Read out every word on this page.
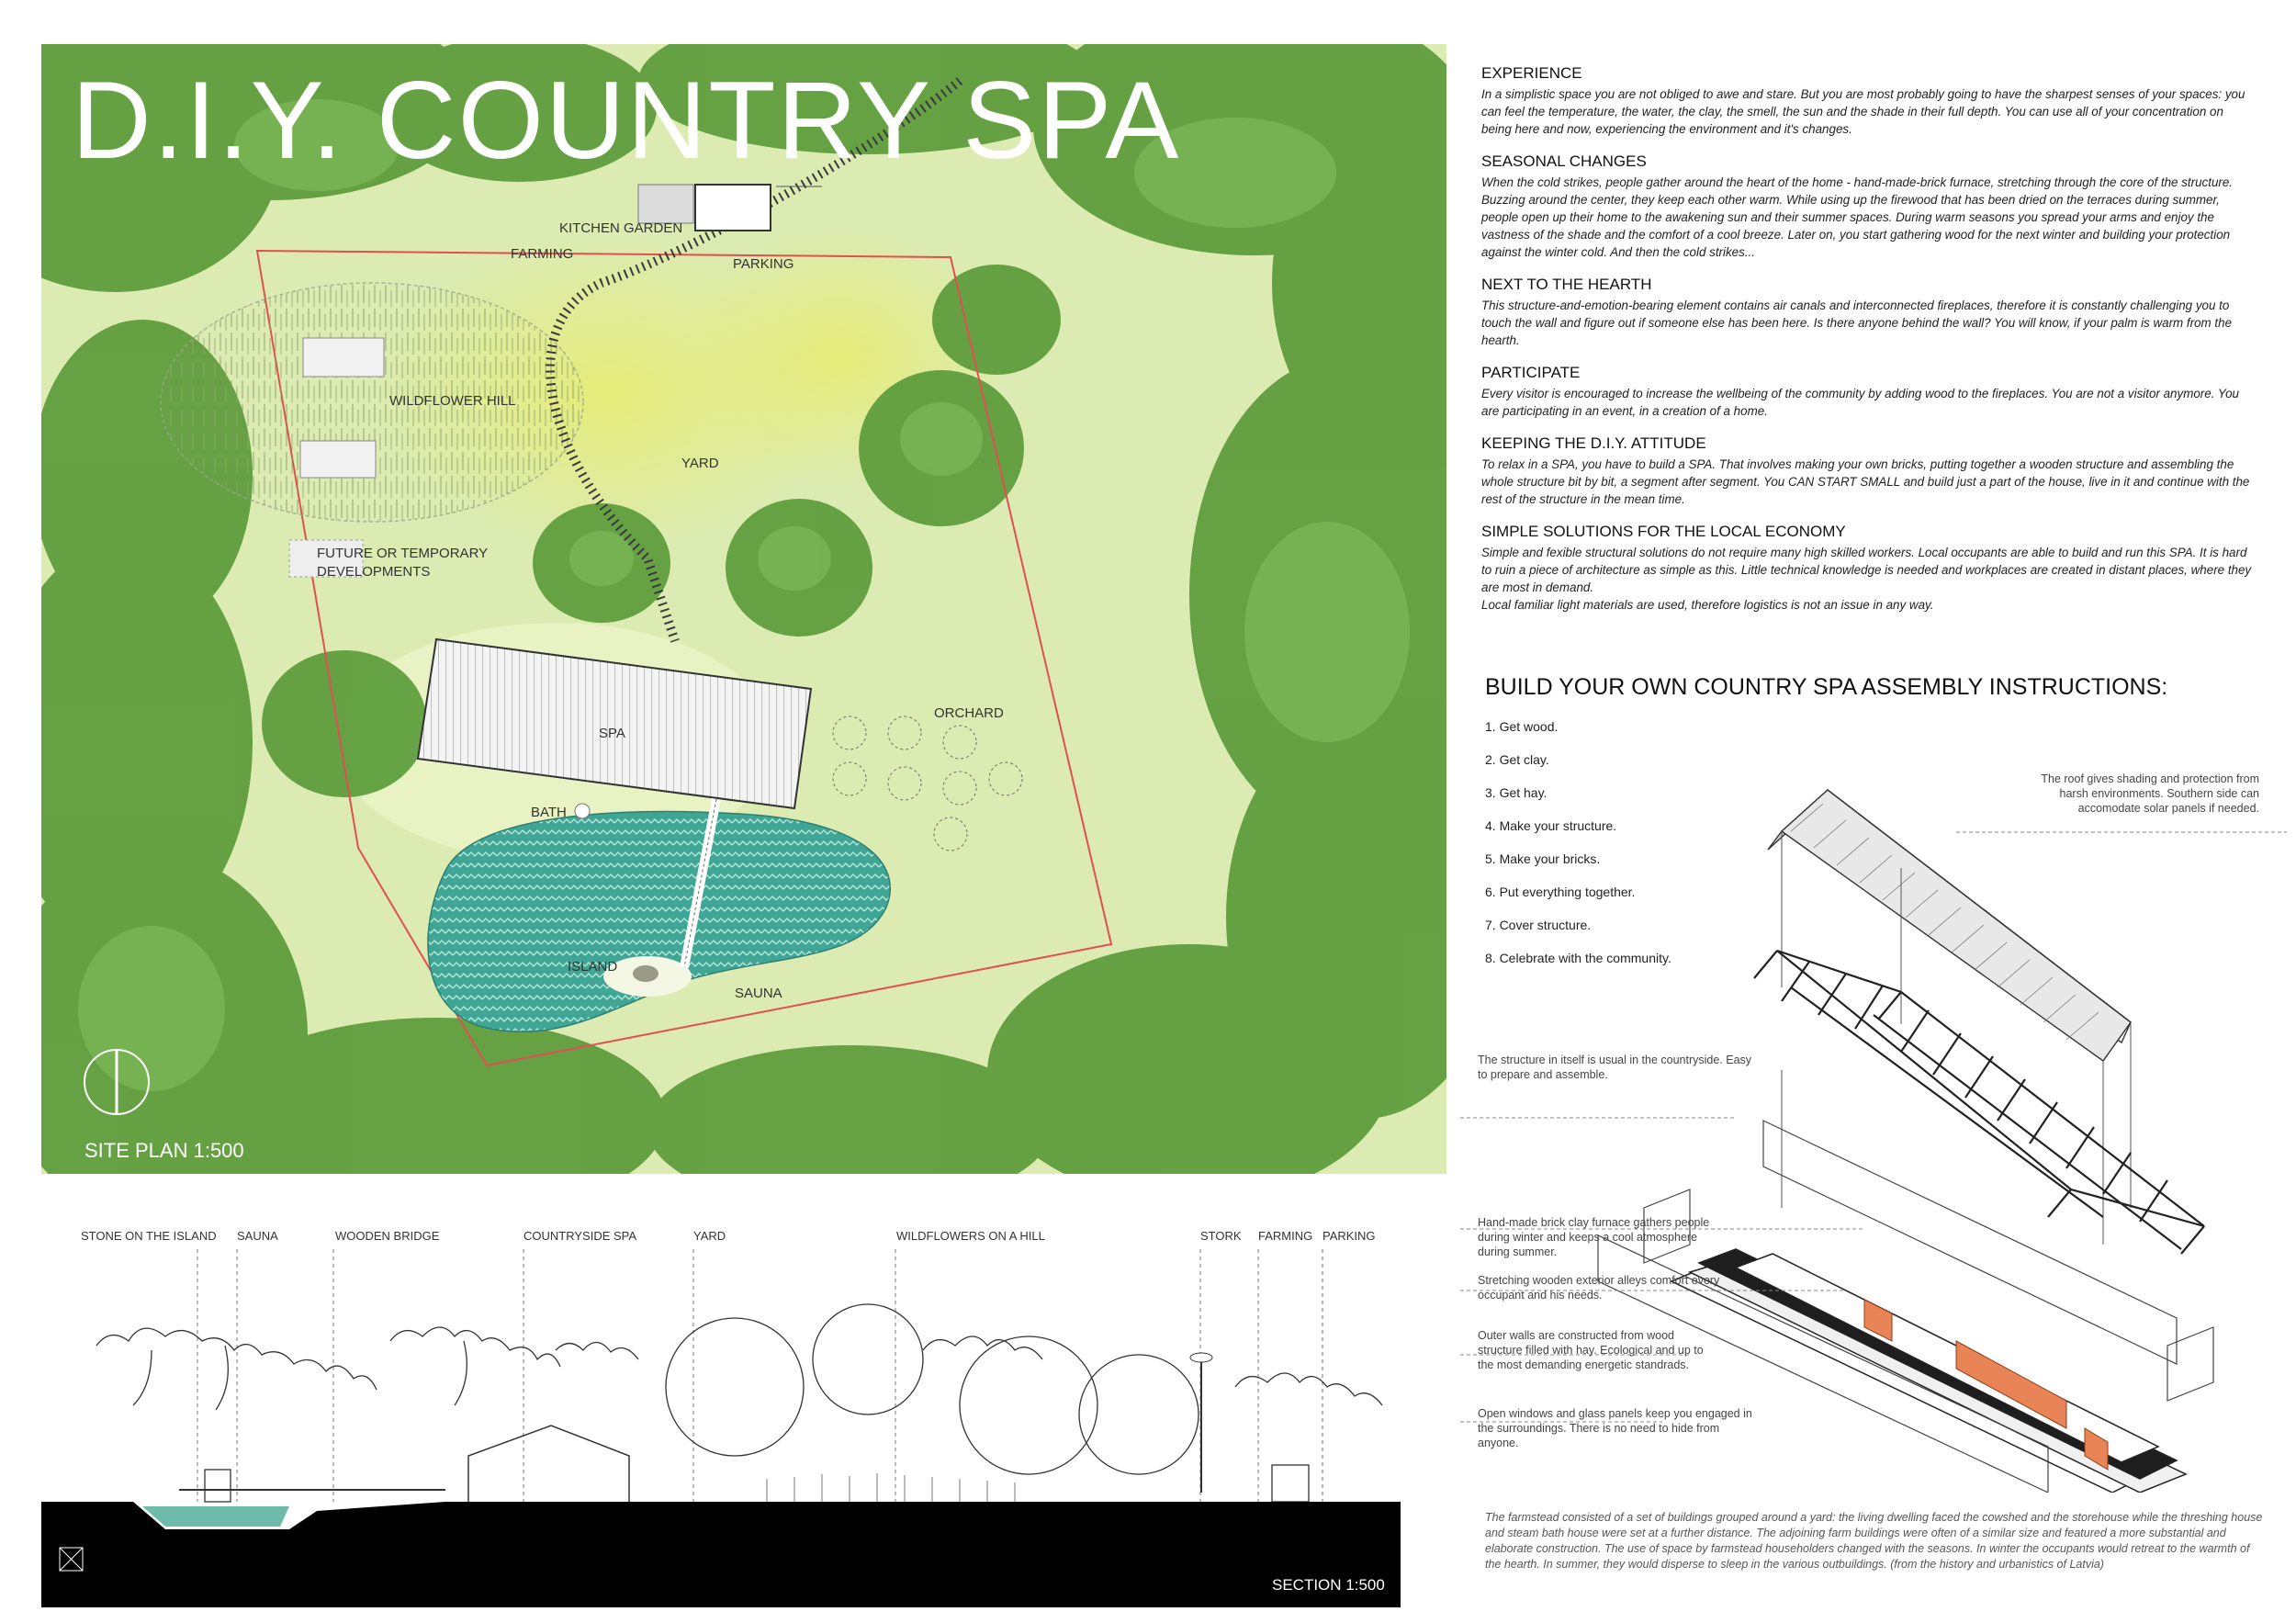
D.I.Y. COUNTRY SPA
KITCHEN GARDEN
FARMING
PARKING
WILDFLOWER HILL
YARD
FUTURE OR TEMPORARY DEVELOPMENTS
SPA
ORCHARD
BATH
ISLAND
SAUNA
SITE PLAN 1:500
EXPERIENCE
In a simplistic space you are not obliged to awe and stare. But you are most probably going to have the sharpest senses of your spaces: you can feel the temperature, the water, the clay, the smell, the sun and the shade in their full depth. You can use all of your concentration on being here and now, experiencing the environment and it's changes.
SEASONAL CHANGES
When the cold strikes, people gather around the heart of the home - hand-made-brick furnace, stretching through the core of the structure. Buzzing around the center, they keep each other warm. While using up the firewood that has been dried on the terraces during summer, people open up their home to the awakening sun and their summer spaces. During warm seasons you spread your arms and enjoy the vastness of the shade and the comfort of a cool breeze. Later on, you start gathering wood for the next winter and building your protection against the winter cold. And then the cold strikes...
NEXT TO THE HEARTH
This structure-and-emotion-bearing element contains air canals and interconnected fireplaces, therefore it is constantly challenging you to touch the wall and figure out if someone else has been here. Is there anyone behind the wall? You will know, if your palm is warm from the hearth.
PARTICIPATE
Every visitor is encouraged to increase the wellbeing of the community by adding wood to the fireplaces. You are not a visitor anymore. You are participating in an event, in a creation of a home.
KEEPING THE D.I.Y. ATTITUDE
To relax in a SPA, you have to build a SPA. That involves making your own bricks, putting together a wooden structure and assembling the whole structure bit by bit, a segment after segment. You CAN START SMALL and build just a part of the house, live in it and continue with the rest of the structure in the mean time.
SIMPLE SOLUTIONS FOR THE LOCAL ECONOMY
Simple and fexible structural solutions do not require many high skilled workers. Local occupants are able to build and run this SPA. It is hard to ruin a piece of architecture as simple as this. Little technical knowledge is needed and workplaces are created in distant places, where they are most in demand.
Local familiar light materials are used, therefore logistics is not an issue in any way.
BUILD YOUR OWN COUNTRY SPA ASSEMBLY INSTRUCTIONS:
1. Get wood.
2. Get clay.
3. Get hay.
4. Make your structure.
5. Make your bricks.
6. Put everything together.
7. Cover structure.
8. Celebrate with the community.
The roof gives shading and protection from harsh environments. Southern side can accomodate solar panels if needed.
The structure in itself is usual in the countryside. Easy to prepare and assemble.
Hand-made brick clay furnace gathers people during winter and keeps a cool atmosphere during summer.
Stretching wooden exterior alleys comfort every occupant and his needs.
Outer walls are constructed from wood structure filled with hay. Ecological and up to the most demanding energetic standrads.
Open windows and glass panels keep you engaged in the surroundings. There is no need to hide from anyone.
The farmstead consisted of a set of buildings grouped around a yard: the living dwelling faced the cowshed and the storehouse while the threshing house and steam bath house were set at a further distance. The adjoining farm buildings were often of a similar size and featured a more substantial and elaborate construction. The use of space by farmstead householders changed with the seasons. In winter the occupants would retreat to the warmth of the hearth. In summer, they would disperse to sleep in the various outbuildings. (from the history and urbanistics of Latvia)
STONE ON THE ISLAND SAUNA	WOODEN BRIDGE	COUNTRYSIDE SPA	YARD	WILDFLOWERS ON A HILL	STORK FARMING PARKING
SECTION 1:500
